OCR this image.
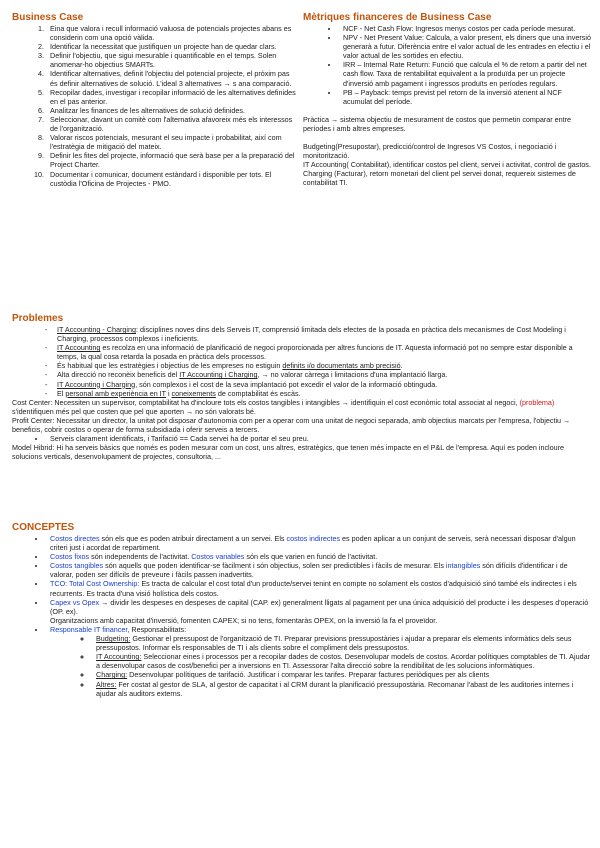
Business Case

1. Eina que valora i recull informació valuosa de potencials projectes abans es considerin com una opció vàlida.
2. Identificar la necessitat que justifiquen un projecte han de quedar clars.
3. Definir l'objectiu, que sigui mesurable i quantificable en el temps. Solen anomenar-ho objectius SMARTs.
4. Identificar alternatives, definit l'objectiu del potencial projecte, el pròxim pas és definir alternatives de solució. L'ideal 3 alternatives → s ana comparació.
5. Recopilar dades, investigar i recopilar informació de les alternatives definides en el pas anterior.
6. Analitzar les finances de les alternatives de solució definides.
7. Seleccionar, davant un comitè com l'alternativa afavoreix més els interessos de l'organització.
8. Valorar riscos potencials, mesurant el seu impacte i probabilitat, així com l'estratègia de mitigació del mateix.
9. Definir les fites del projecte, informació que serà base per a la preparació del Project Charter.
10. Documentar i comunicar, document estàndard i disponible per tots. El custòdia l'Oficina de Projectes - PMO.

Mètriques financeres de Business Case

• NCF - Net Cash Flow: Ingresos menys costos per cada període mesurat.
• NPV - Net Present Value: Calcula, a valor present, els diners que una inversió generarà a futur. Diferència entre el valor actual de les entrades en efectiu i el valor actual de les sortides en efectiu.
• IRR – Internal Rate Return: Funció que calcula el % de retorn a partir del net cash flow. Taxa de rentabilitat equivalent a la produïda per un projecte d'inversió amb pagament i ingressos produïts en períodes regulars.
• PB – Payback: temps previst pel retorn de la inversió atenent al NCF acumulat del període.

Pràctica → sistema objectiu de mesurament de costos que permetin comparar entre períodes i amb altres empreses.

Budgeting(Presupostar), predicció/control de Ingresos VS Costos, i negociació i monitorització.

IT Accounting( Contabilitat), identificar costos pel client, servei i activitat, control de gastos.

Charging (Facturar), retorn monetari del client pel servei donat, requereix sistemes de contabilitat TI.

Problemes

- IT Accounting - Charging: disciplines noves dins dels Serveis IT, comprensió limitada dels efectes de la posada en pràctica dels mecanismes de Cost Modeling i Charging, processos complexos i ineficients.
- IT Accounting es recolza en una informació de planificació de negoci proporcionada per altres funcions de IT. Aquesta informació pot no sempre estar disponible a temps, la qual cosa retarda la posada en pràctica dels processos.
- És habitual que les estratègies i objectius de les empreses no estiguin definits i/o documentats amb precisió.
- Alta direcció no reconèix beneficis del IT Accounting i Charging, → no valorar càrrega i limitacions d'una implantació llarga.
- IT Accounting i Charging, són complexos i el cost de la seva implantació pot excedir el valor de la informació obtinguda.
- El personal amb experiència en IT i coneixements de comptabilitat és escàs.

Cost Center: Necessiten un supervisor, comptabilitat ha d'incloure tots els costos tangibles i intangibles → identifiquin el cost econòmic total associat al negoci, (problema) s'identifiquen més pel que costen que pel que aporten → no són valorats bé.

Profit Center: Necessitar un director, la unitat pot disposar d'autonomia com per a operar com una unitat de negoci separada, amb objectius marcats per l'empresa, l'objectiu → beneficis, cobrir costos o operar de forma subsidiada i oferir serveis a tercers.

• Serveis clarament identificats, i Tarifació == Cada servei ha de portar el seu preu.

Model Hibrid: Hi ha serveis bàsics que només es poden mesurar com un cost, uns altres, estratègics, que tenen més impacte en el P&L de l'empresa. Aquí es poden incloure solucions verticals, desenvolupament de projectes, consultoria, ...

CONCEPTES

• Costos directes són els que es poden atribuir directament a un servei. Els costos indirectes es poden aplicar a un conjunt de serveis, serà necessari disposar d'algun criteri just i acordat de repartiment.
• Costos fixos són independents de l'activitat. Costos variables són els que varien en funció de l'activitat.
• Costos tangibles són aquells que poden identificar-se fàcilment i són objectius, solen ser predictibles i fàcils de mesurar. Els intangibles són difícils d'identificar i de valorar, poden ser difícils de preveure i fàcils passen inadvertits.
• TCO: Total Cost Ownership: Es tracta de calcular el cost total d'un producte/servei tenint en compte no solament els costos d'adquisició sinó també els indirectes i els recurrents. Es tracta d'una visió holística dels costos.
• Capex vs Opex → dividir les despeses en despeses de capital (CAP. ex) generalment lligats al pagament per una única adquisició del producte i les despeses d'operació (OP. ex).
Organitzacions amb capacitat d'inversió, fomenten CAPEX; si no tens, fomentaràs OPEX, on la inversió la fa el proveïdor.
• Responsable IT financer, Responsabilitats:
◦ Budgeting: Gestionar el pressupost de l'organització de TI. Preparar previsions pressupostàries i ajudar a preparar els elements informàtics dels seus pressupostos. Informar els responsables de TI i als clients sobre el compliment dels pressupostos.
◦ IT Accounting: Seleccionar eines i processos per a recopilar dades de costos. Desenvolupar models de costos. Acordar polítiques comptables de TI. Ajudar a desenvolupar casos de cost/benefici per a inversions en TI. Assessorar l'alta direcció sobre la rendibilitat de les solucions informàtiques.
◦ Charging: Desenvolupar polítiques de tarifació. Justificar i comparar les tarifes. Preparar factures periòdiques per als clients
◦ Altres: Fer costat al gestor de SLA, al gestor de capacitat i al CRM durant la planificació pressupostària. Recomanar l'abast de les auditories internes i ajudar als auditors externs.
